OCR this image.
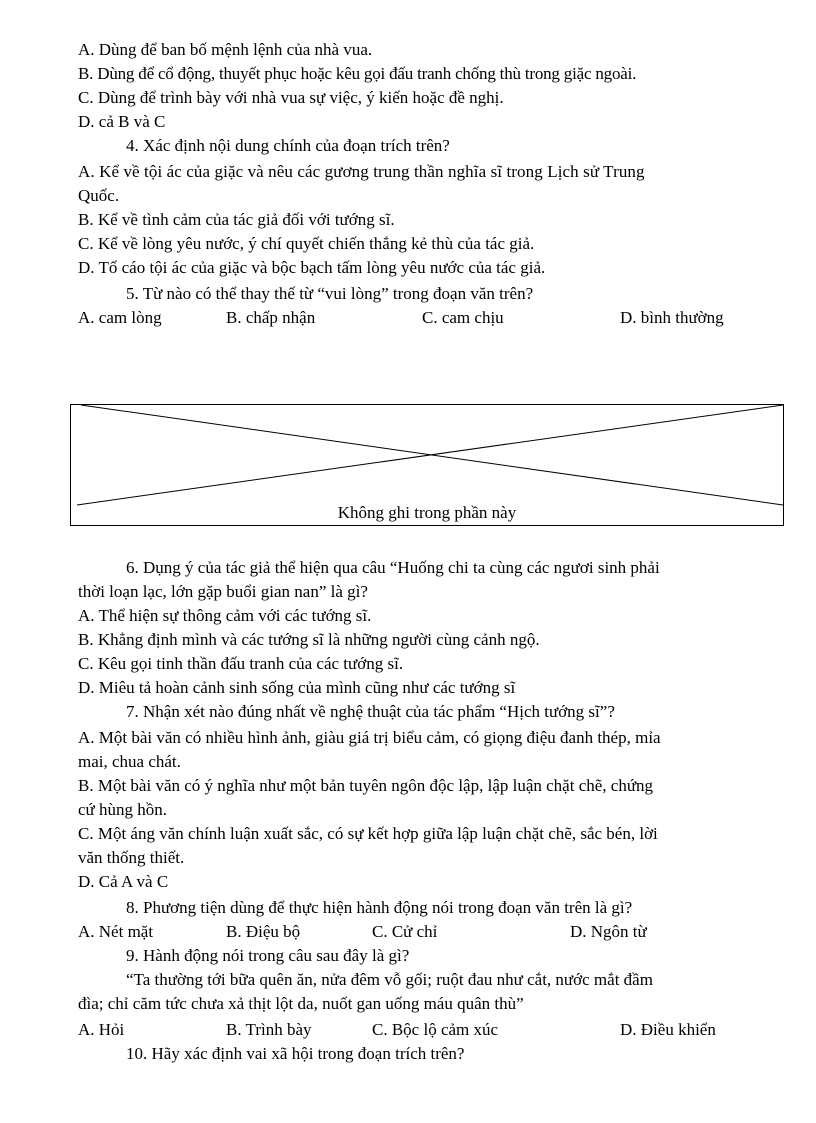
A. Dùng để ban bố mệnh lệnh của nhà vua.
B. Dùng để cổ động, thuyết phục hoặc kêu gọi đấu tranh chống thù trong giặc ngoài.
C. Dùng để trình bày với nhà vua sự việc, ý kiến hoặc đề nghị.
D. cả B và C
4. Xác định nội dung chính của đoạn trích trên?
A. Kể về tội ác của giặc và nêu các gương trung thần nghĩa sĩ trong Lịch sử Trung
Quốc.
B. Kể về tình cảm của tác giả đối với tướng sĩ.
C. Kể về lòng yêu nước, ý chí quyết chiến thắng kẻ thù của tác giả.
D. Tố cáo tội ác của giặc và bộc bạch tấm lòng yêu nước của tác giả.
5. Từ nào có thể thay thế từ “vui lòng” trong đoạn văn trên?
A. cam lòng	B. chấp nhận	C. cam chịu	D. bình thường
Không ghi trong phần này
6. Dụng ý của tác giả thể hiện qua câu “Huống chi ta cùng các ngươi sinh phải
thời loạn lạc, lớn gặp buổi gian nan” là gì?
A. Thể hiện sự thông cảm với các tướng sĩ.
B. Khẳng định mình và các tướng sĩ là những người cùng cảnh ngộ.
C. Kêu gọi tinh thần đấu tranh của các tướng sĩ.
D. Miêu tả hoàn cảnh sinh sống của mình cũng như các tướng sĩ
7. Nhận xét nào đúng nhất về nghệ thuật của tác phẩm “Hịch tướng sĩ”?
A. Một bài văn có nhiều hình ảnh, giàu giá trị biểu cảm, có giọng điệu đanh thép, mỉa
mai, chua chát.
B. Một bài văn có ý nghĩa như một bản tuyên ngôn độc lập, lập luận chặt chẽ, chứng
cứ hùng hồn.
C. Một áng văn chính luận xuất sắc, có sự kết hợp giữa lập luận chặt chẽ, sắc bén, lời
văn thống thiết.
D. Cả A và C
8. Phương tiện dùng để thực hiện hành động nói trong đoạn văn trên là gì?
A. Nét mặt	B. Điệu bộ	C. Cử chỉ	D. Ngôn từ
9. Hành động nói trong câu sau đây là gì?
“Ta thường tới bữa quên ăn, nửa đêm vỗ gối; ruột đau như cắt, nước mắt đầm
đìa; chỉ căm tức chưa xả thịt lột da, nuốt gan uống máu quân thù”
A. Hỏi	B. Trình bày	C. Bộc lộ cảm xúc	D. Điều khiển
10. Hãy xác định vai xã hội trong đoạn trích trên?
